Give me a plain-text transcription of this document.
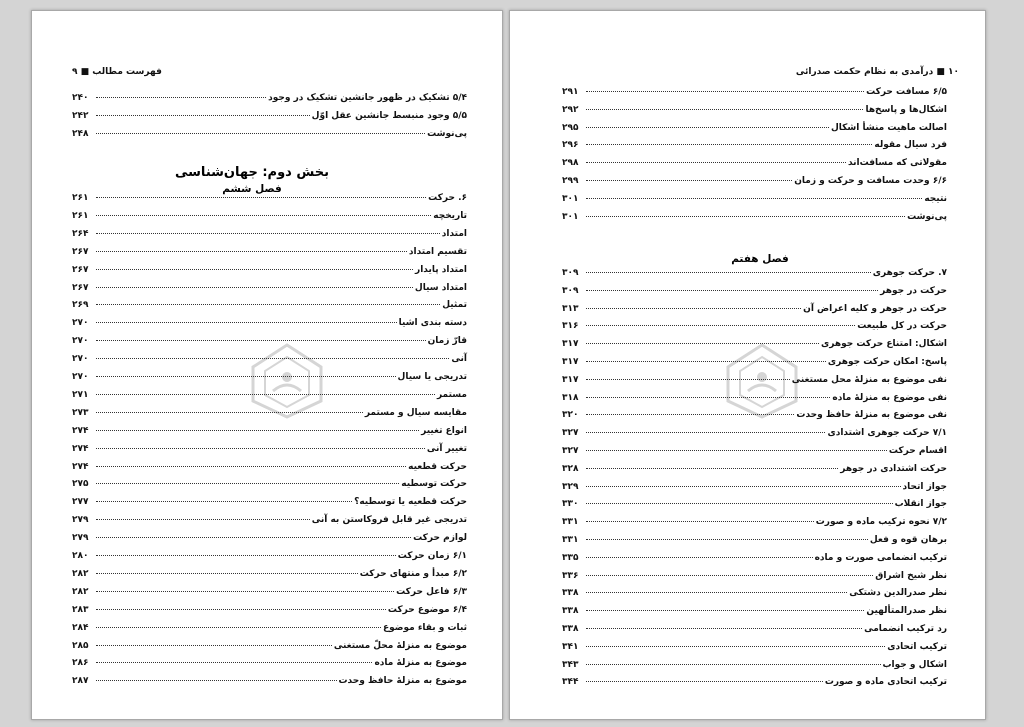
فهرست مطالب ■ ۹
بخش دوم: جهان‌شناسی
فصل ششم
۵/۴ تشکیک در ظهور جانشین تشکیک در وجود
۲۴۰
۵/۵ وجود منبسط جانشین عقل اوّل
۲۴۲
پی‌نوشت
۲۴۸
۶. حرکت
۲۶۱
تاریخچه
۲۶۱
امتداد
۲۶۴
تقسیم امتداد
۲۶۷
امتداد پایدار
۲۶۷
امتداد سیال
۲۶۷
تمثیل
۲۶۹
دسته بندی اشیا
۲۷۰
قارّ‌ زمان
۲۷۰
آنی
۲۷۰
تدریجی یا سیال
۲۷۰
مستمر
۲۷۱
مقایسه سیال و مستمر
۲۷۳
انواع تغییر
۲۷۴
تغییر آنی
۲۷۴
حرکت قطعیه
۲۷۴
حرکت توسطیه
۲۷۵
حرکت قطعیه یا توسطیه؟
۲۷۷
تدریجی غیر قابل فروکاستن به آنی
۲۷۹
لوازم حرکت
۲۷۹
۶/۱ زمان حرکت
۲۸۰
۶/۲ مبدأ و منتهای حرکت
۲۸۲
۶/۳ فاعل حرکت
۲۸۲
۶/۴ موضوع حرکت
۲۸۳
ثبات و بقاء موضوع
۲۸۴
موضوع به منزلۀ محلّ مستغنی
۲۸۵
موضوع به منزلۀ ماده
۲۸۶
موضوع به منزلۀ حافظ وحدت
۲۸۷
۱۰ ■ درآمدی به نظام حکمت صدرائی
فصل هفتم
۶/۵ مسافت حرکت
۲۹۱
اشکال‌ها و پاسخ‌ها
۲۹۲
اصالت ماهیت منشأ اشکال
۲۹۵
فرد سیال مقوله
۲۹۶
مقولاتی که مسافت‌اند
۲۹۸
۶/۶ وحدت مسافت و حرکت و زمان
۲۹۹
نتیجه
۳۰۱
پی‌نوشت
۳۰۱
۷. حرکت جوهری
۳۰۹
حرکت در جوهر
۳۰۹
حرکت در جوهر و کلیه اعراض آن
۳۱۳
حرکت در کل طبیعت
۳۱۶
اشکال: امتناع حرکت جوهری
۳۱۷
پاسخ: امکان حرکت جوهری
۳۱۷
نفی موضوع به منزلۀ محل مستغنی
۳۱۷
نفی موضوع به منزلۀ ماده
۳۱۸
نفی موضوع به منزلۀ حافظ وحدت
۳۲۰
۷/۱ حرکت جوهری اشتدادی
۳۲۷
اقسام حرکت
۳۲۷
حرکت اشتدادی در جوهر
۳۲۸
جواز اتحاد
۳۲۹
جواز انقلاب
۳۳۰
۷/۲ نحوه ترکیب ماده و صورت
۳۳۱
برهان قوه و فعل
۳۳۱
ترکیب انضمامی صورت و ماده
۳۳۵
نظر شیخ اشراق
۳۳۶
نظر صدرالدین دشتکی
۳۳۸
نظر صدرالمتألهین
۳۳۸
رد ترکیب انضمامی
۳۳۸
ترکیب اتحادی
۳۴۱
اشکال و جواب
۳۴۳
ترکیب اتحادی ماده و صورت
۳۴۴
